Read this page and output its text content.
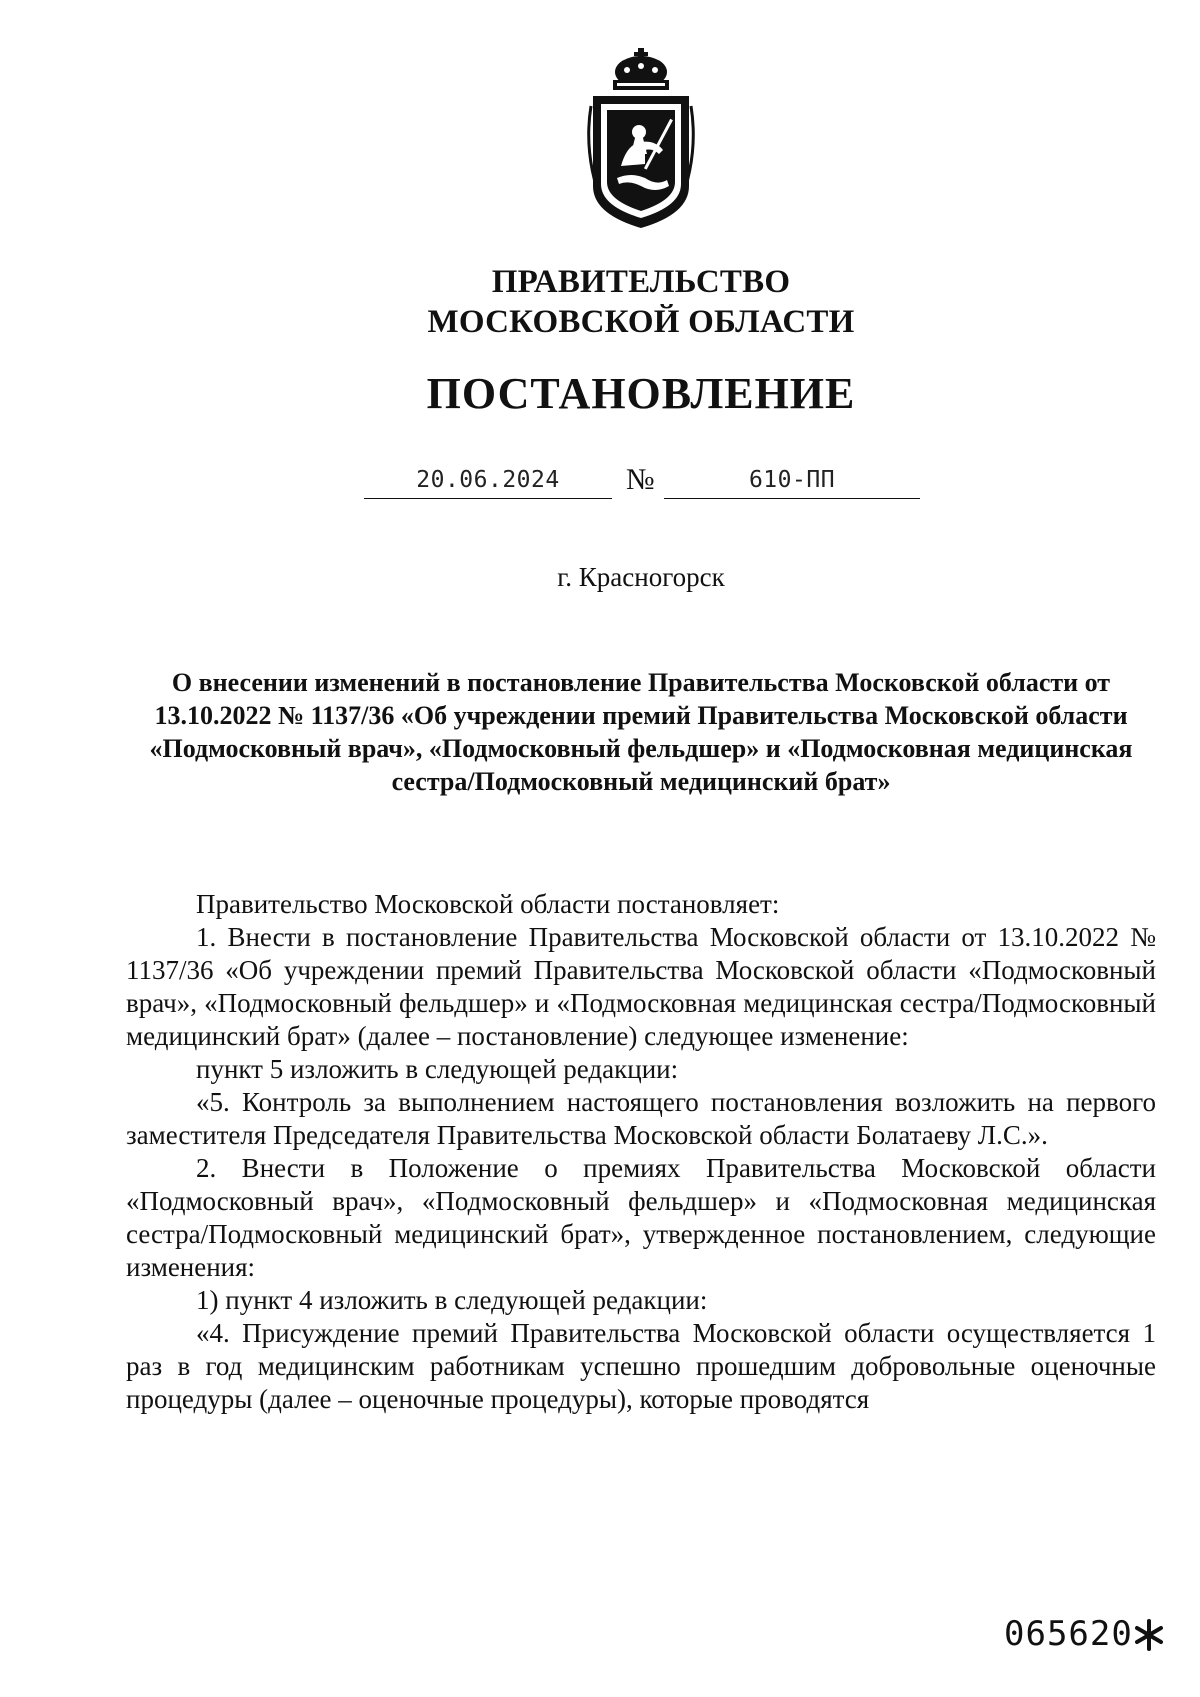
ПРАВИТЕЛЬСТВО
МОСКОВСКОЙ ОБЛАСТИ
ПОСТАНОВЛЕНИЕ
20.06.2024	№	610-ПП
г. Красногорск
О внесении изменений в постановление Правительства Московской области от 13.10.2022 № 1137/36 «Об учреждении премий Правительства Московской области «Подмосковный врач», «Подмосковный фельдшер» и «Подмосковная медицинская сестра/Подмосковный медицинский брат»

Правительство Московской области постановляет:

1. Внести в постановление Правительства Московской области от 13.10.2022 № 1137/36 «Об учреждении премий Правительства Московской области «Подмосковный врач», «Подмосковный фельдшер» и «Подмосковная медицинская сестра/Подмосковный медицинский брат» (далее – постановление) следующее изменение:

пункт 5 изложить в следующей редакции:

«5. Контроль за выполнением настоящего постановления возложить на первого заместителя Председателя Правительства Московской области Болатаеву Л.С.».

2. Внести в Положение о премиях Правительства Московской области «Подмосковный врач», «Подмосковный фельдшер» и «Подмосковная медицинская сестра/Подмосковный медицинский брат», утвержденное постановлением, следующие изменения:

1) пункт 4 изложить в следующей редакции:

«4. Присуждение премий Правительства Московской области осуществляется 1 раз в год медицинским работникам успешно прошедшим добровольные оценочные процедуры (далее – оценочные процедуры), которые проводятся

065620
